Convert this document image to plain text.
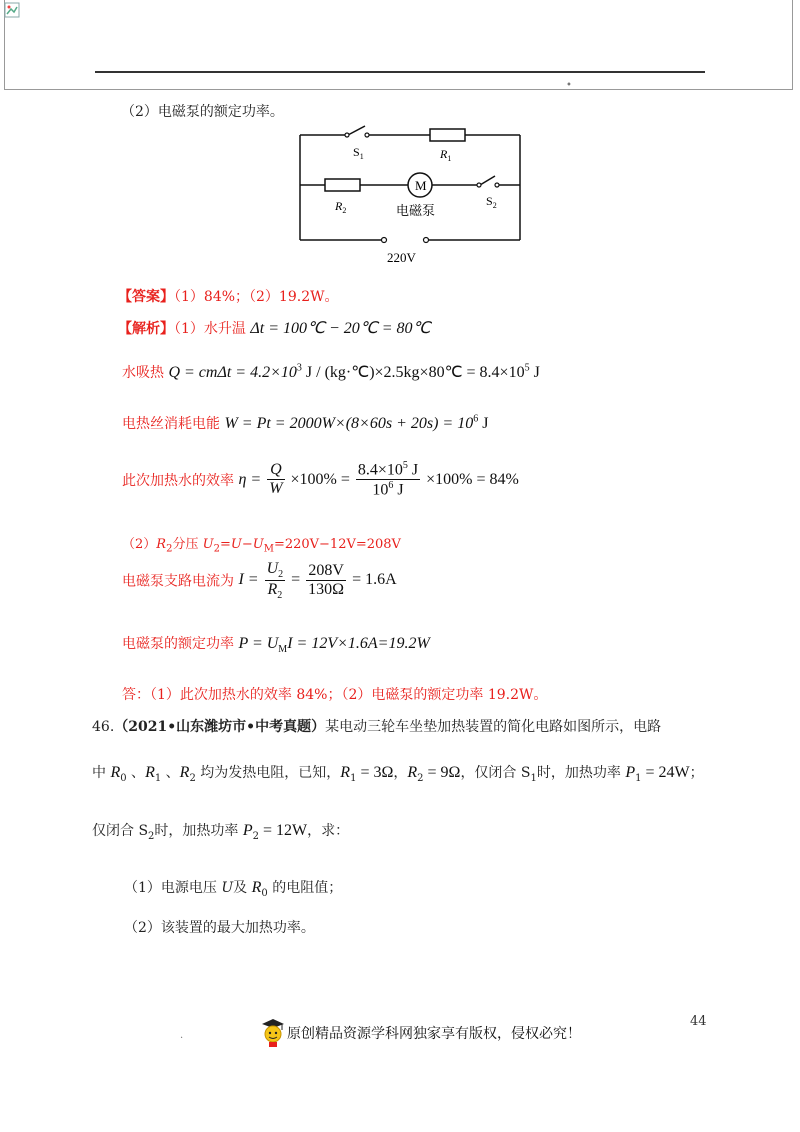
•
（2）电磁泵的额定功率。
$S_1$	$R_1$
$R_2$
M
电磁泵
$S_2$
220V
【答案】（1）84%；（2）19.2W。
【解析】（1）水升温 Δt = 100℃ − 20℃ = 80℃
水吸热 $Q = cm\Delta t = 4.2\times 10^3$ J / (kg·℃)×2.5kg×80℃ = $8.4\times 10^5$ J
电热丝消耗电能 $W = Pt = 2000W\times(8\times 60s + 20s) = 10^6$ J
此次加热水的效率 $\eta = \frac{Q}{W} \times 100\% = \frac{8.4\times 10^5 J}{10^6 J} \times 100\% = 84\%$
$(2)R_2$分压 $U_2=U-U_M=220V-12V=208V$
电磁泵支路电流为 $I = \frac{U_2}{R_2} = \frac{208V}{130\Omega} = 1.6A$
电磁泵的额定功率 $P = U_MI = 12V\times 1.6A=19.2W$
答：（1）此次加热水的效率 84%；（2）电磁泵的额定功率 19.2W。
46.（2021•山东潍坊市•中考真题）某电动三轮车坐垫加热装置的简化电路如图所示，电路
中 $R_0$ 、$R_1$ 、$R_2$ 均为发热电阻，已知，$R_1 = 3\Omega$，$R_2 = 9\Omega$，仅闭合 $S_1$时，加热功率 $P_1 = 24W$；
仅闭合 $S_2$时，加热功率 $P_2 = 12W$，求：
（1）电源电压 U及 $R_0$ 的电阻值；
（2）该装置的最大加热功率。
44
原创精品资源学科网独家享有版权，侵权必究！
.
